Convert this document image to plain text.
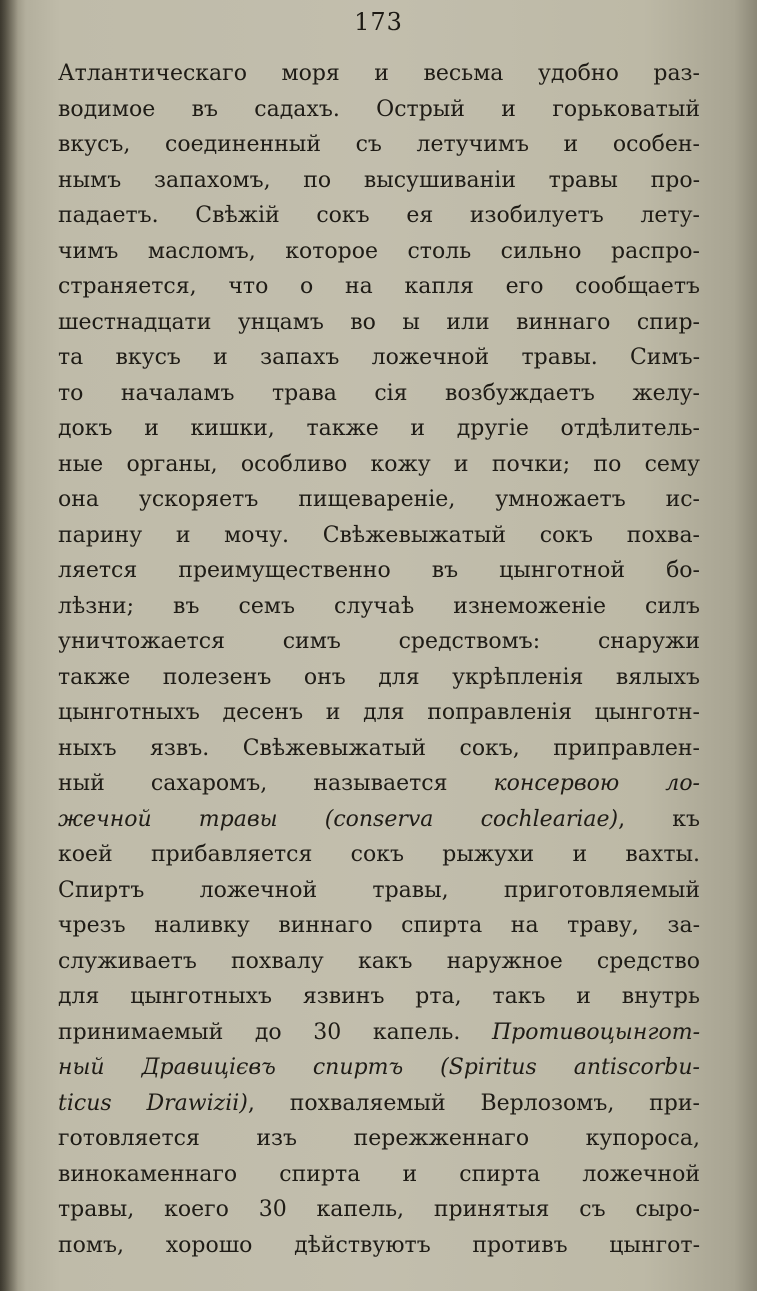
173
Атлантическаго моря и весьма удобно раз-
водимое въ садахъ. Острый и горьковатый
вкусъ, соединенный съ летучимъ и особен-
нымъ запахомъ, по высушиваніи травы про-
падаетъ. Свѣжій сокъ ея изобилуетъ лету-
чимъ масломъ, которое столь сильно распро-
страняется, что о на капля его сообщаетъ
шестнадцати унцамъ во ы или виннаго спир-
та вкусъ и запахъ ложечной травы. Симъ-
то началамъ трава сія возбуждаетъ желу-
докъ и кишки, также и другіе отдѣлитель-
ные органы, особливо кожу и почки; по сему
она ускоряетъ пищевареніе, умножаетъ ис-
парину и мочу. Свѣжевыжатый сокъ похва-
ляется преимущественно въ цынготной бо-
лѣзни; въ семъ случаѣ изнеможеніе силъ
уничтожается симъ средствомъ: снаружи
также полезенъ онъ для укрѣпленія вялыхъ
цынготныхъ десенъ и для поправленія цынготн-
ныхъ язвъ. Свѣжевыжатый сокъ, приправлен-
ный сахаромъ, называется консервою ло-
жечной травы (conserva cochleariae), къ
коей прибавляется сокъ рыжухи и вахты.
Спиртъ ложечной травы, приготовляемый
чрезъ наливку виннаго спирта на траву, за-
служиваетъ похвалу какъ наружное средство
для цынготныхъ язвинъ рта, такъ и внутрь
принимаемый до 30 капель. Противоцынгот-
ный Дравицієвъ спиртъ (Spiritus antiscorbu-
ticus Drawizii), похваляемый Верлозомъ, при-
готовляется изъ пережженнаго купороса,
винокаменнаго спирта и спирта ложечной
травы, коего 30 капель, принятыя съ сыро-
помъ, хорошо дѣйствуютъ противъ цынгот-
